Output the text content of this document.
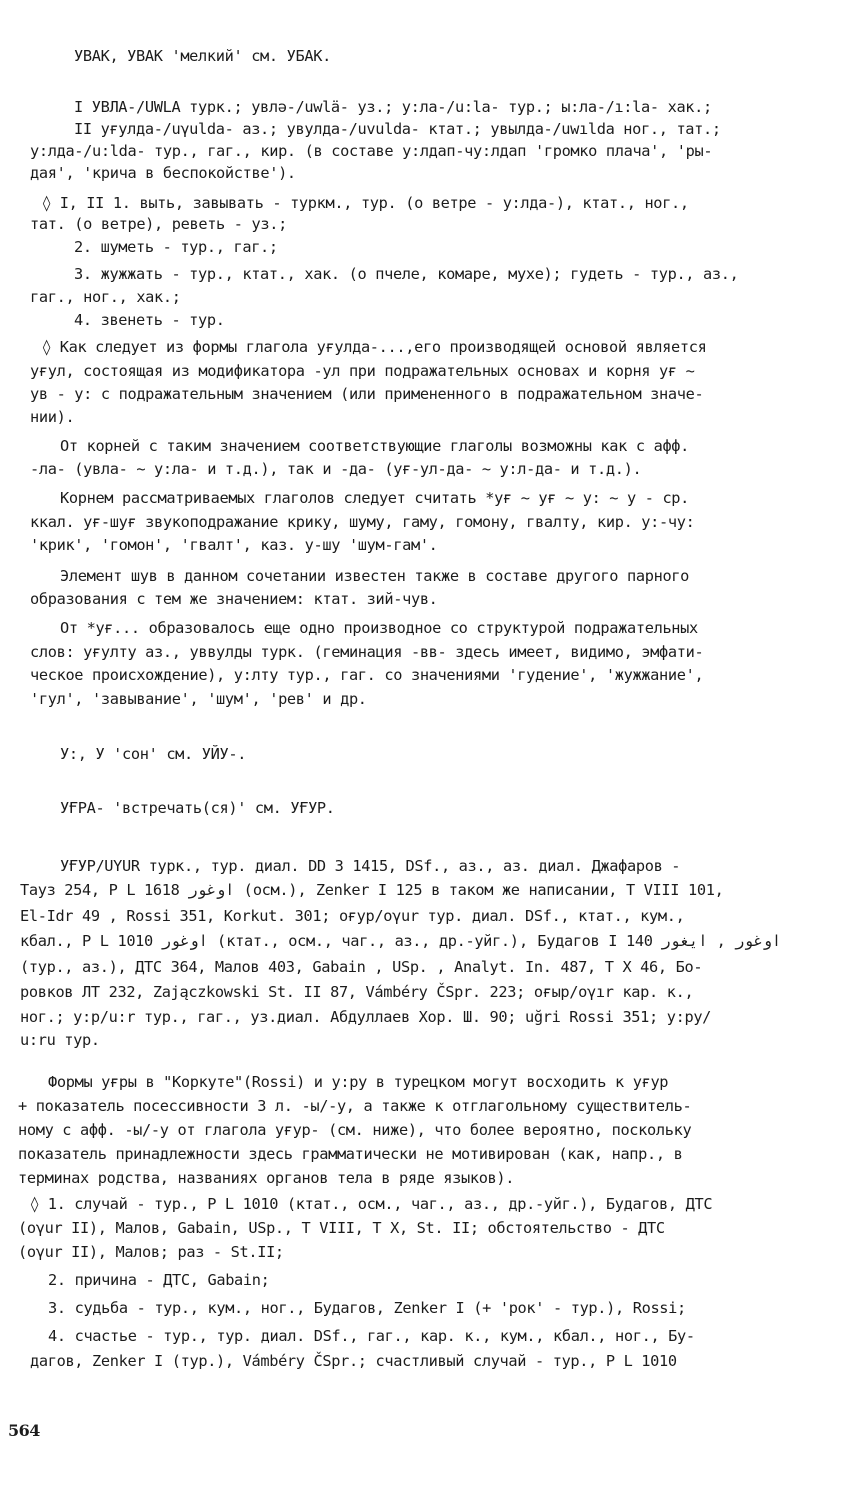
УВАК, УВАК 'мелкий' см. УБАК.
I УВЛА-/UWLA турк.; увлә-/uwlä- уз.; у:ла-/u:la- тур.; ы:ла-/ı:la- хак.;
II уғулда-/uγulda- аз.; увулда-/uvulda- ктат.; увылда-/uwılda ног., тат.;
у:лда-/u:lda- тур., гаг., кир. (в составе у:лдап-чу:лдап 'громко плача', 'ры-
дая', 'крича в беспокойстве').
◊ I, II 1. выть, завывать - туркм., тур. (о ветре - у:лда-), ктат., ног.,
тат. (о ветре), реветь - уз.;
2. шуметь - тур., гаг.;
3. жужжать - тур., ктат., хак. (о пчеле, комаре, мухе); гудеть - тур., аз.,
гаг., ног., хак.;
4. звенеть - тур.
◊ Как следует из формы глагола уғулда-...,его производящей основой является
уғул, состоящая из модификатора -ул при подражательных основах и корня уғ ~
ув - у: с подражательным значением (или примененного в подражательном значе-
нии).
От корней с таким значением соответствующие глаголы возможны как с афф.
-ла- (увла- ~ у:ла- и т.д.), так и -да- (уғ-ул-да- ~ у:л-да- и т.д.).
Корнем рассматриваемых глаголов следует считать *уғ ~ уғ ~ у: ~ у - ср.
ккал. уғ-шуғ звукоподражание крику, шуму, гаму, гомону, гвалту, кир. у:-чу:
'крик', 'гомон', 'гвалт', каз. у-шу 'шум-гам'.
Элемент шув в данном сочетании известен также в составе другого парного
образования с тем же значением: ктат. зий-чув.
От *уғ... образовалось еще одно производное со структурой подражательных
слов: уғулту аз., уввулды турк. (геминация -вв- здесь имеет, видимо, эмфати-
ческое происхождение), у:лту тур., гаг. со значениями 'гудение', 'жужжание',
'гул', 'завывание', 'шум', 'рев' и др.
У:, У 'сон' см. УЙУ-.
УҒРА- 'встречать(ся)' см. УҒУР.
УҒУР/UYUR турк., тур. диал. DD 3 1415, DSf., аз., аз. диал. Джафаров -
Тауз 254, P L 1618 اوغور (осм.), Zenker I 125 в таком же написании, T VIII 101,
El-Idr 49 , Rossi 351, Korkut. 301; оғур/oγur тур. диал. DSf., ктат., кум.,
кбал., P L 1010 اوغور (ктат., осм., чаг., аз., др.-уйг.), Будагов I 140 اوغور , ايغور
(тур., аз.), ДТС 364, Малов 403, Gabain , USp. , Analyt. In. 487, T X 46, Бо-
ровков ЛТ 232, Zajączkowski St. II 87, Vámbéry ČSpr. 223; оғыр/oγır кар. к.,
ног.; у:р/u:r тур., гаг., уз.диал. Абдуллаев Хор. Ш. 90; uğri Rossi 351; у:ру/
u:ru тур.
Формы уғры в "Коркуте"(Rossi) и у:ру в турецком могут восходить к уғур
+ показатель посессивности 3 л. -ы/-у, а также к отглагольному существитель-
ному с афф. -ы/-у от глагола уғур- (см. ниже), что более вероятно, поскольку
показатель принадлежности здесь грамматически не мотивирован (как, напр., в
терминах родства, названиях органов тела в ряде языков).
◊ 1. случай - тур., P L 1010 (ктат., осм., чаг., аз., др.-уйг.), Будагов, ДТС
(oγur II), Малов, Gabain, USp., T VIII, T X, St. II; обстоятельство - ДТС
(oγur II), Малов; раз - St.II;
2. причина - ДТС, Gabain;
3. судьба - тур., кум., ног., Будагов, Zenker I (+ 'рок' - тур.), Rossi;
4. счастье - тур., тур. диал. DSf., гаг., кар. к., кум., кбал., ног., Бу-
дагов, Zenker I (тур.), Vámbéry ČSpr.; счастливый случай - тур., P L 1010
564
